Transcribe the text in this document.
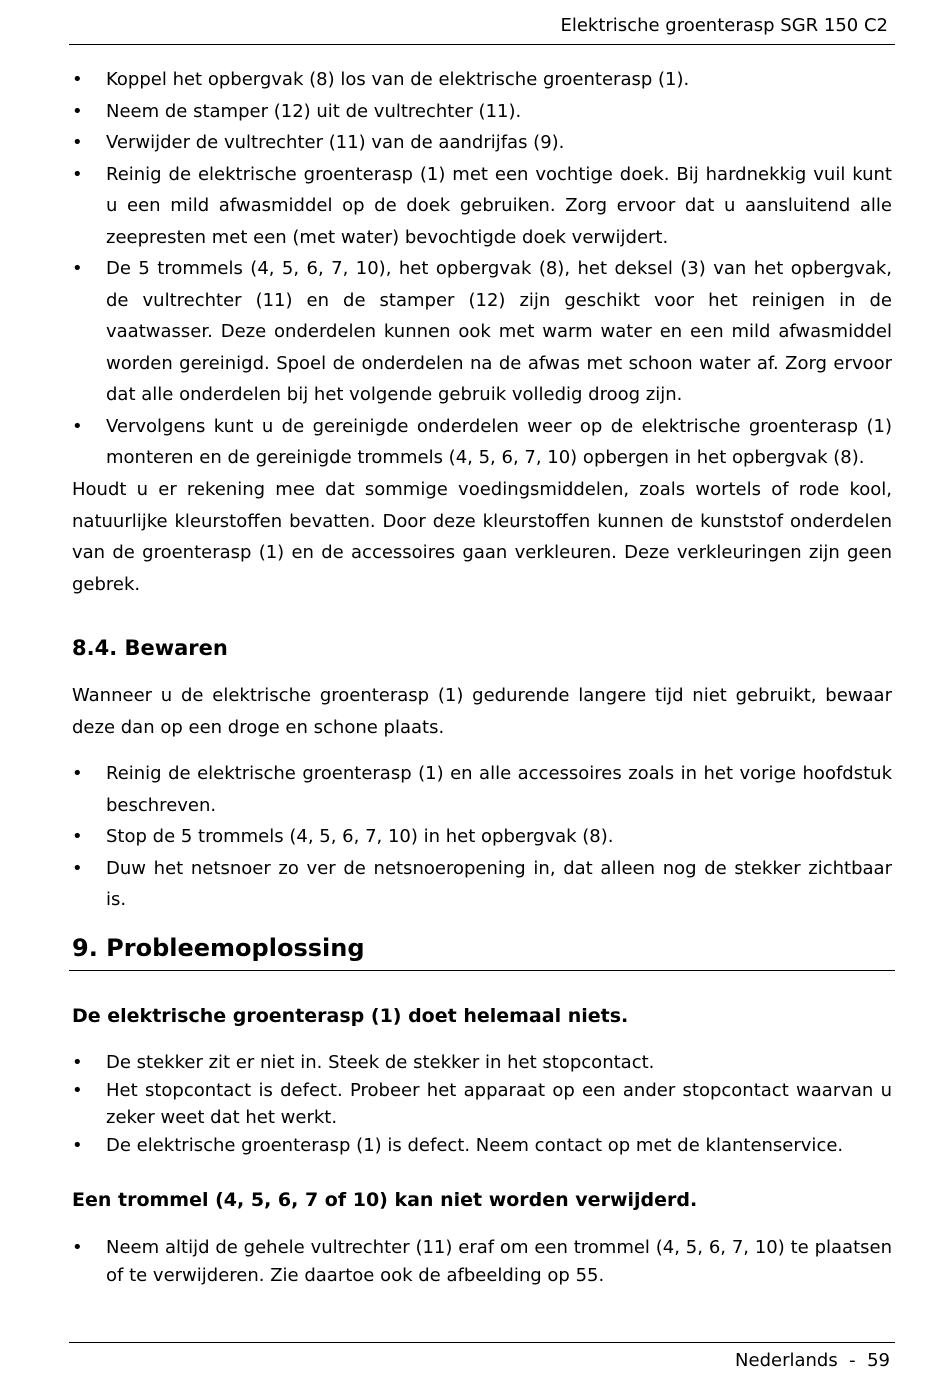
Elektrische groenterasp SGR 150 C2
• Koppel het opbergvak (8) los van de elektrische groenterasp (1).
• Neem de stamper (12) uit de vultrechter (11).
• Verwijder de vultrechter (11) van de aandrijfas (9).
• Reinig de elektrische groenterasp (1) met een vochtige doek. Bij hardnekkig vuil kunt u een mild afwasmiddel op de doek gebruiken. Zorg ervoor dat u aansluitend alle zeepresten met een (met water) bevochtigde doek verwijdert.
• De 5 trommels (4, 5, 6, 7, 10), het opbergvak (8), het deksel (3) van het opbergvak, de vultrechter (11) en de stamper (12) zijn geschikt voor het reinigen in de vaatwasser. Deze onderdelen kunnen ook met warm water en een mild afwasmiddel worden gereinigd. Spoel de onderdelen na de afwas met schoon water af. Zorg ervoor dat alle onderdelen bij het volgende gebruik volledig droog zijn.
• Vervolgens kunt u de gereinigde onderdelen weer op de elektrische groenterasp (1) monteren en de gereinigde trommels (4, 5, 6, 7, 10) opbergen in het opbergvak (8).

Houdt u er rekening mee dat sommige voedingsmiddelen, zoals wortels of rode kool, natuurlijke kleurstoffen bevatten. Door deze kleurstoffen kunnen de kunststof onderdelen van de groenterasp (1) en de accessoires gaan verkleuren. Deze verkleuringen zijn geen gebrek.

8.4. Bewaren

Wanneer u de elektrische groenterasp (1) gedurende langere tijd niet gebruikt, bewaar deze dan op een droge en schone plaats.

• Reinig de elektrische groenterasp (1) en alle accessoires zoals in het vorige hoofdstuk beschreven.
• Stop de 5 trommels (4, 5, 6, 7, 10) in het opbergvak (8).
• Duw het netsnoer zo ver de netsnoeropening in, dat alleen nog de stekker zichtbaar is.
9. Probleemoplossing
De elektrische groenterasp (1) doet helemaal niets.
• De stekker zit er niet in. Steek de stekker in het stopcontact.
• Het stopcontact is defect. Probeer het apparaat op een ander stopcontact waarvan u zeker weet dat het werkt.
• De elektrische groenterasp (1) is defect. Neem contact op met de klantenservice.
Een trommel (4, 5, 6, 7 of 10) kan niet worden verwijderd.
• Neem altijd de gehele vultrechter (11) eraf om een trommel (4, 5, 6, 7, 10) te plaatsen of te verwijderen. Zie daartoe ook de afbeelding op 55.
Nederlands  -  59
